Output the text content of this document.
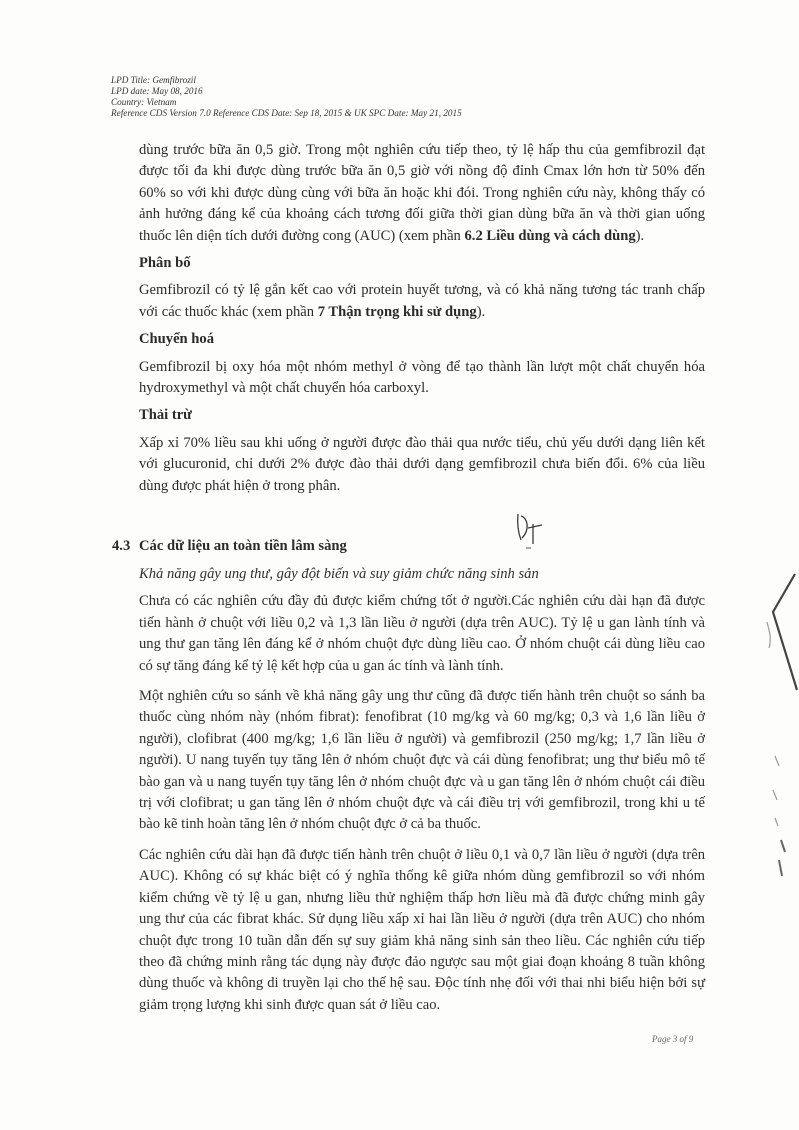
LPD Title: Gemfibrozil
LPD date: May 08, 2016
Country: Vietnam
Reference CDS Version 7.0 Reference CDS Date: Sep 18, 2015 & UK SPC Date: May 21, 2015

dùng trước bữa ăn 0,5 giờ. Trong một nghiên cứu tiếp theo, tỷ lệ hấp thu của gemfibrozil đạt được tối đa khi được dùng trước bữa ăn 0,5 giờ với nồng độ đỉnh Cmax lớn hơn từ 50% đến 60% so với khi được dùng cùng với bữa ăn hoặc khi đói. Trong nghiên cứu này, không thấy có ảnh hưởng đáng kể của khoảng cách tương đối giữa thời gian dùng bữa ăn và thời gian uống thuốc lên diện tích dưới đường cong (AUC) (xem phần 6.2 Liều dùng và cách dùng).

Phân bố

Gemfibrozil có tỷ lệ gắn kết cao với protein huyết tương, và có khả năng tương tác tranh chấp với các thuốc khác (xem phần 7 Thận trọng khi sử dụng).

Chuyển hoá

Gemfibrozil bị oxy hóa một nhóm methyl ở vòng để tạo thành lần lượt một chất chuyển hóa hydroxymethyl và một chất chuyển hóa carboxyl.

Thải trừ

Xấp xỉ 70% liều sau khi uống ở người được đào thải qua nước tiểu, chủ yếu dưới dạng liên kết với glucuronid, chỉ dưới 2% được đào thải dưới dạng gemfibrozil chưa biến đổi. 6% của liều dùng được phát hiện ở trong phân.

4.3 Các dữ liệu an toàn tiền lâm sàng

Khả năng gây ung thư, gây đột biến và suy giảm chức năng sinh sản

Chưa có các nghiên cứu đầy đủ được kiểm chứng tốt ở người.Các nghiên cứu dài hạn đã được tiến hành ở chuột với liều 0,2 và 1,3 lần liều ở người (dựa trên AUC). Tỷ lệ u gan lành tính và ung thư gan tăng lên đáng kể ở nhóm chuột đực dùng liều cao. Ở nhóm chuột cái dùng liều cao có sự tăng đáng kể tỷ lệ kết hợp của u gan ác tính và lành tính.

Một nghiên cứu so sánh về khả năng gây ung thư cũng đã được tiến hành trên chuột so sánh ba thuốc cùng nhóm này (nhóm fibrat): fenofibrat (10 mg/kg và 60 mg/kg; 0,3 và 1,6 lần liều ở người), clofibrat (400 mg/kg; 1,6 lần liều ở người) và gemfibrozil (250 mg/kg; 1,7 lần liều ở người). U nang tuyến tụy tăng lên ở nhóm chuột đực và cái dùng fenofibrat; ung thư biểu mô tế bào gan và u nang tuyến tụy tăng lên ở nhóm chuột đực và u gan tăng lên ở nhóm chuột cái điều trị với clofibrat; u gan tăng lên ở nhóm chuột đực và cái điều trị với gemfibrozil, trong khi u tế bào kẽ tinh hoàn tăng lên ở nhóm chuột đực ở cả ba thuốc.

Các nghiên cứu dài hạn đã được tiến hành trên chuột ở liều 0,1 và 0,7 lần liều ở người (dựa trên AUC). Không có sự khác biệt có ý nghĩa thống kê giữa nhóm dùng gemfibrozil so với nhóm kiểm chứng về tỷ lệ u gan, nhưng liều thử nghiệm thấp hơn liều mà đã được chứng minh gây ung thư của các fibrat khác. Sử dụng liều xấp xỉ hai lần liều ở người (dựa trên AUC) cho nhóm chuột đực trong 10 tuần dẫn đến sự suy giảm khả năng sinh sản theo liều. Các nghiên cứu tiếp theo đã chứng minh rằng tác dụng này được đảo ngược sau một giai đoạn khoảng 8 tuần không dùng thuốc và không di truyền lại cho thế hệ sau. Độc tính nhẹ đối với thai nhi biểu hiện bởi sự giảm trọng lượng khi sinh được quan sát ở liều cao.

Page 3 of 9
